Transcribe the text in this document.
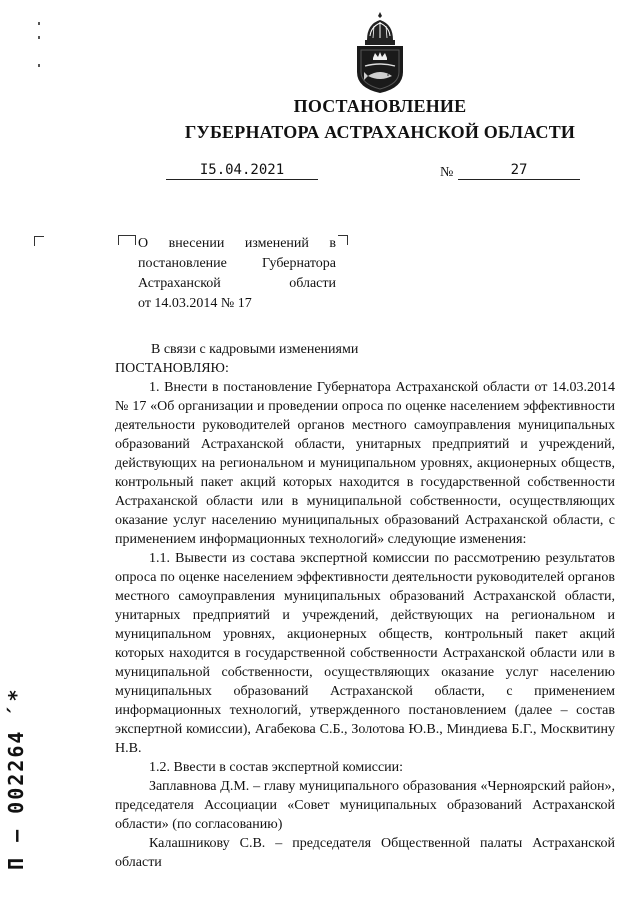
ПОСТАНОВЛЕНИЕ
ГУБЕРНАТОРА АСТРАХАНСКОЙ ОБЛАСТИ
I5.04.2021	№	27
О внесении изменений в
постановление	Губернатора
Астраханской	области
от 14.03.2014 № 17

В связи с кадровыми изменениями

ПОСТАНОВЛЯЮ:

1. Внести в постановление Губернатора Астраханской области от 14.03.2014 № 17 «Об организации и проведении опроса по оценке населением эффективности деятельности руководителей органов местного самоуправления муниципальных образований Астраханской области, унитарных предприятий и учреждений, действующих на региональном и муниципальном уровнях, акционерных обществ, контрольный пакет акций которых находится в государственной собственности Астраханской области или в муниципальной собственности, осуществляющих оказание услуг населению муниципальных образований Астраханской области, с применением информационных технологий» следующие изменения:

1.1. Вывести из состава экспертной комиссии по рассмотрению результатов опроса по оценке населением эффективности деятельности руководителей органов местного самоуправления муниципальных образований Астраханской области, унитарных предприятий и учреждений, действующих на региональном и муниципальном уровнях, акционерных обществ, контрольный пакет акций которых находится в государственной собственности Астраханской области или в муниципальной собственности, осуществляющих оказание услуг населению муниципальных образований Астраханской области, с применением информационных технологий, утвержденного постановлением (далее – состав экспертной комиссии), Агабекова С.Б., Золотова Ю.В., Миндиева Б.Г., Москвитину Н.В.

1.2. Ввести в состав экспертной комиссии:

Заплавнова Д.М. – главу муниципального образования «Черноярский район», председателя Ассоциации «Совет муниципальных образований Астраханской области» (по согласованию)

Калашникову С.В. – председателя Общественной палаты Астраханской области

П – 002264 ́ *
